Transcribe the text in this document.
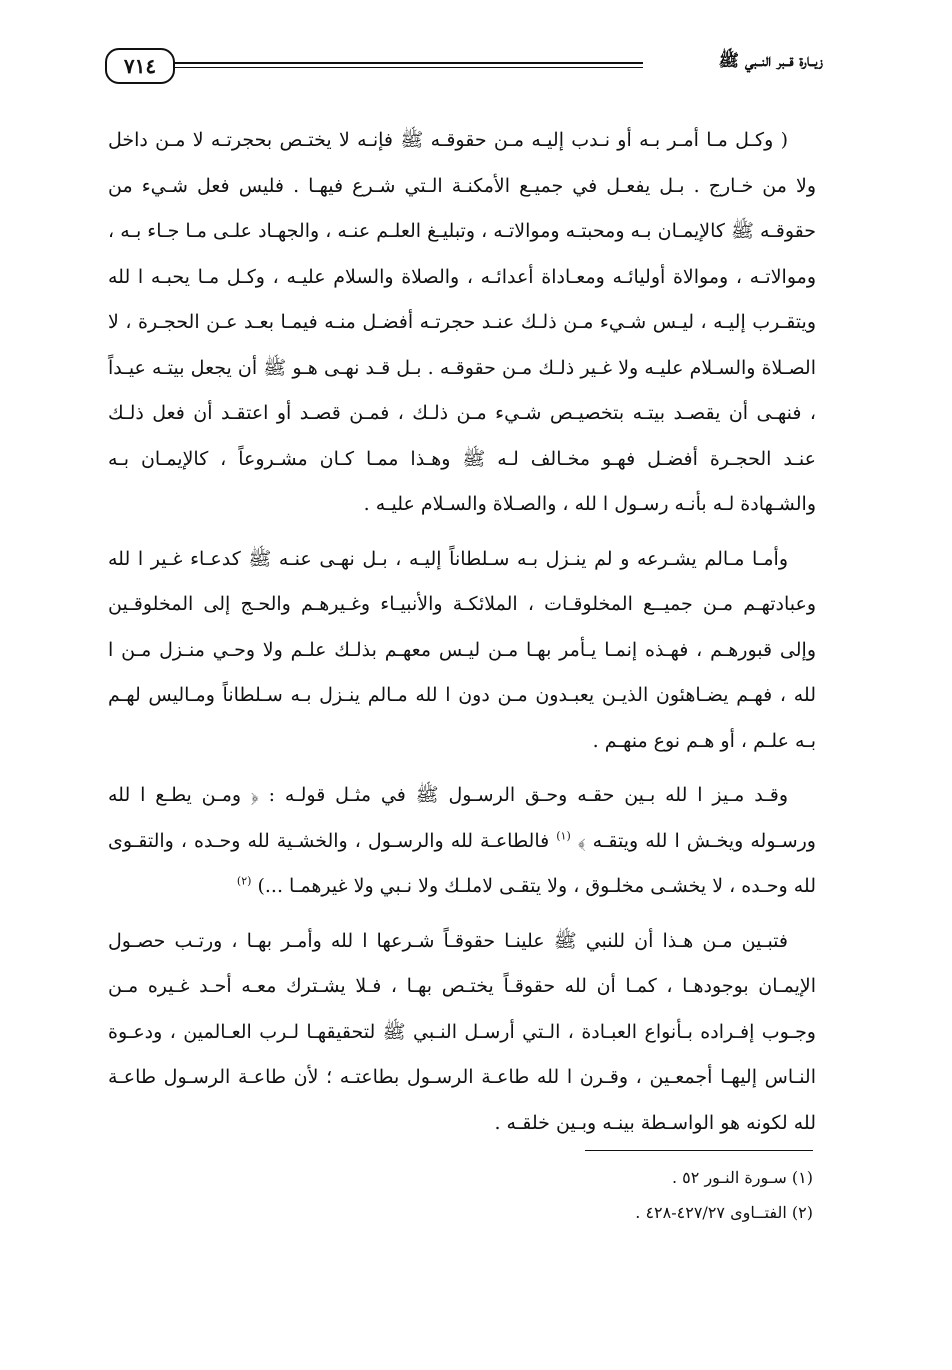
٧١٤	زيــارة قــبر النــبي ﷺ

( وكـل مـا أمـر بـه أو نـدب إليـه مـن حقوقـه ﷺ فإنـه لا يختـص بحجرتـه لا مـن داخل ولا من خـارج . بـل يفعـل في جميـع الأمكنـة الـتي شـرع فيهـا . فليس فعل شـيء من حقوقـه ﷺ كالإيمـان بـه ومحبتـه وموالاتـه ، وتبليـغ العلـم عنـه ، والجهـاد علـى مـا جـاء بـه ، وموالاتـه ، وموالاة أوليائـه ومعـاداة أعدائـه ، والصلاة والسلام عليـه ، وكـل مـا يحبـه ا لله ويتقـرب إليـه ، ليـس شـيء مـن ذلـك عنـد حجرتـه أفضـل منـه فيمـا بعـد عـن الحجـرة ، لا الصـلاة والسـلام عليـه ولا غـير ذلـك مـن حقوقـه . بـل قـد نهـى هـو ﷺ أن يجعل بيتـه عيـداً ، فنهـى أن يقصـد بيتـه بتخصيـص شـيء مـن ذلـك ، فمـن قصـد أو اعتقـد أن فعل ذلـك عنـد الحجـرة أفضـل فهـو مخـالف لـه ﷺ وهـذا ممـا كـان مشـروعاً ، كالإيمـان بـه والشـهادة لـه بأنـه رسـول ا لله ، والصـلاة والسـلام عليـه .

وأمـا مـالم يشـرعه و لم ينـزل بـه سـلطاناً إليـه ، بـل نهـى عنـه ﷺ كدعـاء غـير ا لله وعبادتهـم مـن جميــع المخلوقـات ، الملائكـة والأنبيـاء وغـيرهـم والحـج إلى المخلوقـين وإلى قبورهـم ، فهـذه إنمـا يـأمر بهـا مـن ليـس معهـم بذلـك علـم ولا وحـي منـزل مـن ا لله ، فهـم يضـاهئون الذيـن يعبـدون مـن دون ا لله مـالم ينـزل بـه سـلطاناً ومـاليس لهـم بـه علـم ، أو هـم نوع منهـم .

وقـد مـيز ا لله بـين حقـه وحـق الرسـول ﷺ في مثـل قولـه : ﴿ ومـن يطـع ا لله ورسـوله ويخـش ا لله ويتقـه ﴾ $^{(١)}$ فالطاعـة لله والرسـول ، والخشـية لله وحـده ، والتقـوى لله وحـده ، لا يخشـى مخلـوق ، ولا يتقـى لاملـك ولا نـبي ولا غيرهمـا ...) $^{(٢)}$

فتبـين مـن هـذا أن للنبي ﷺ علينـا حقوقـاً شـرعها ا لله وأمـر بهـا ، ورتـب حصـول الإيمـان بوجودهـا ، كمـا أن لله حقوقـاً يختـص بهـا ، فـلا يشـترك معـه أحـد غـيره مـن وجـوب إفـراده بـأنواع العبـادة ، الـتي أرسـل النـبي ﷺ لتحقيقهـا لـرب العـالمين ، ودعـوة النـاس إليهـا أجمعـين ، وقـرن ا لله طاعـة الرسـول بطاعتـه ؛ لأن طاعـة الرسـول طاعـة لله لكونه هو الواسـطة بينـه وبـين خلقـه .

(١) سـورة النـور ٥٢ .
(٢) الفتــاوى ٤٢٧/٢٧-٤٢٨ .
